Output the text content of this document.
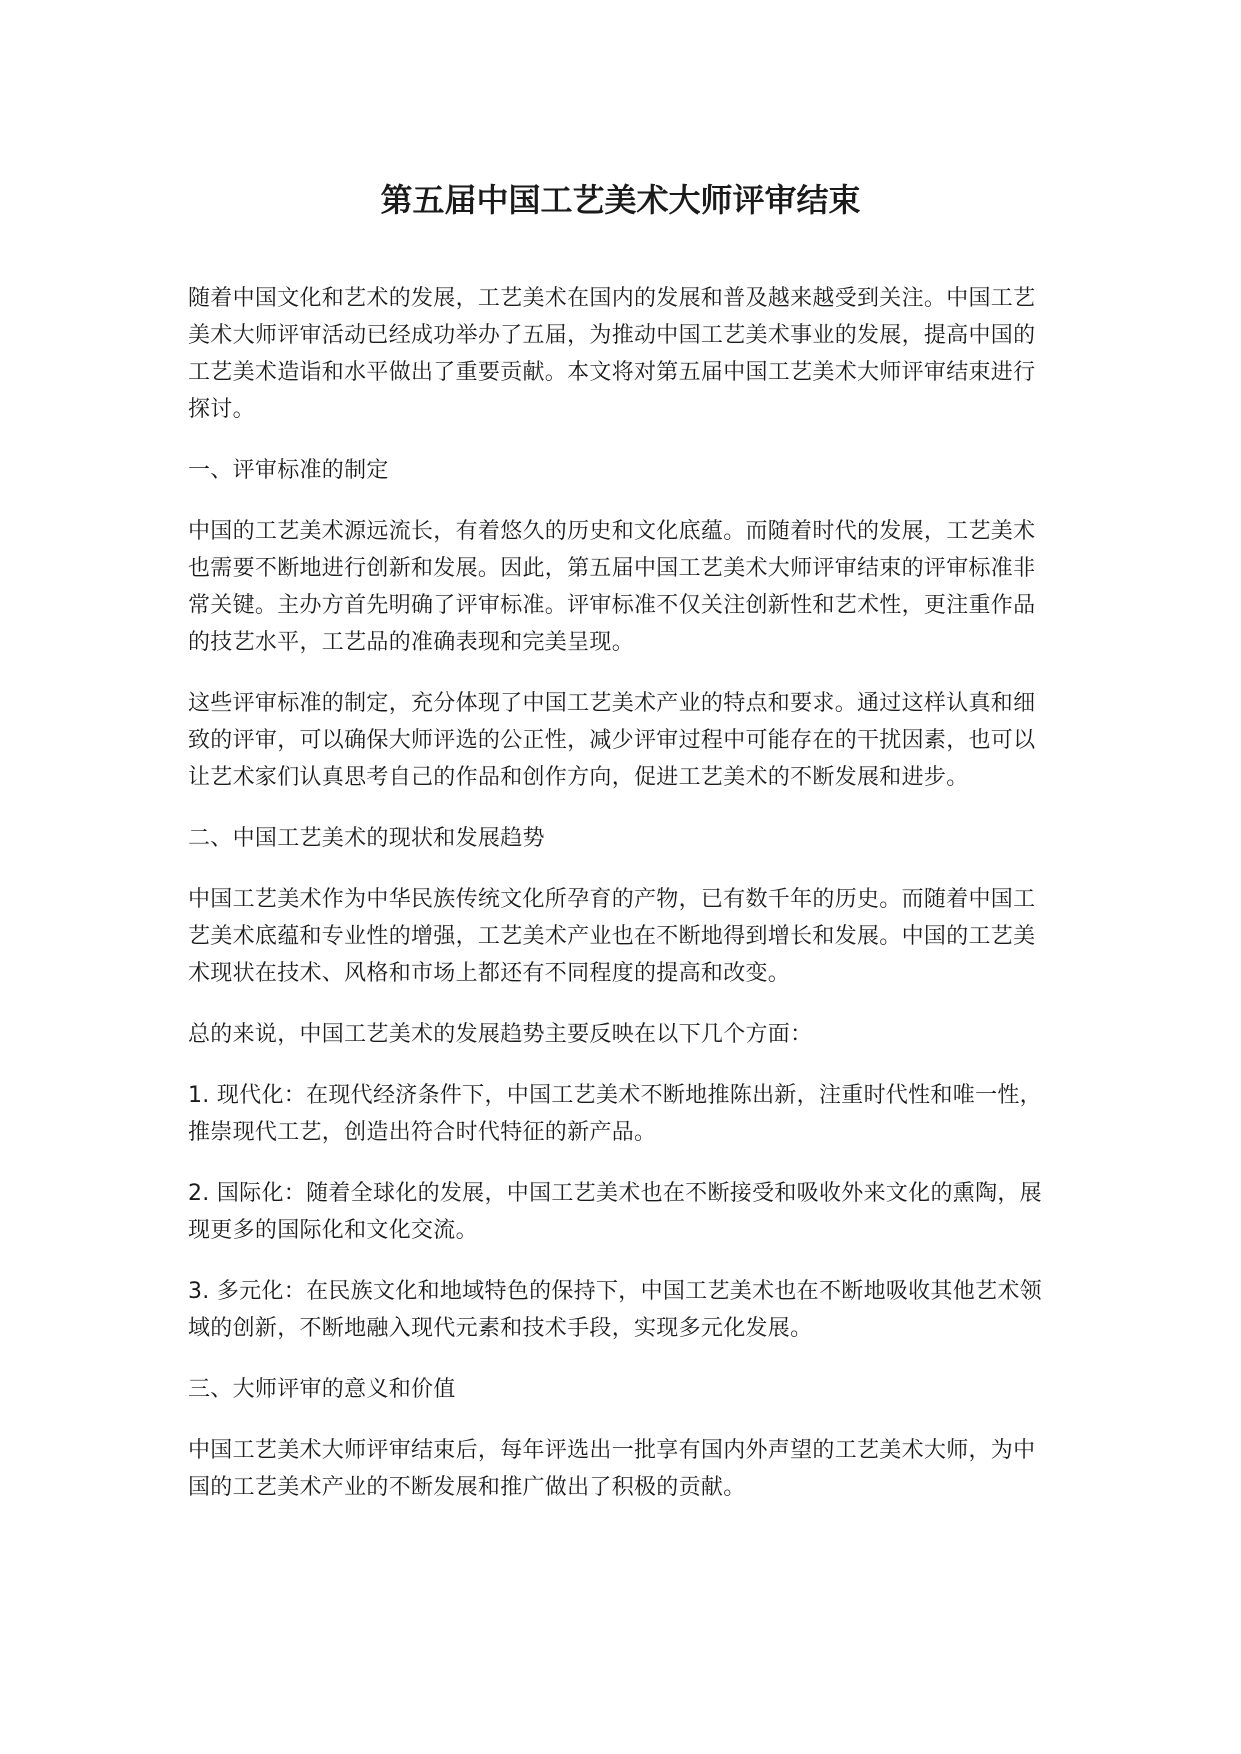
第五届中国工艺美术大师评审结束

随着中国文化和艺术的发展，工艺美术在国内的发展和普及越来越受到关注。中国工艺美术大师评审活动已经成功举办了五届，为推动中国工艺美术事业的发展，提高中国的工艺美术造诣和水平做出了重要贡献。本文将对第五届中国工艺美术大师评审结束进行探讨。

一、评审标准的制定

中国的工艺美术源远流长，有着悠久的历史和文化底蕴。而随着时代的发展，工艺美术也需要不断地进行创新和发展。因此，第五届中国工艺美术大师评审结束的评审标准非常关键。主办方首先明确了评审标准。评审标准不仅关注创新性和艺术性，更注重作品的技艺水平，工艺品的准确表现和完美呈现。

这些评审标准的制定，充分体现了中国工艺美术产业的特点和要求。通过这样认真和细致的评审，可以确保大师评选的公正性，减少评审过程中可能存在的干扰因素，也可以让艺术家们认真思考自己的作品和创作方向，促进工艺美术的不断发展和进步。

二、中国工艺美术的现状和发展趋势

中国工艺美术作为中华民族传统文化所孕育的产物，已有数千年的历史。而随着中国工艺美术底蕴和专业性的增强，工艺美术产业也在不断地得到增长和发展。中国的工艺美术现状在技术、风格和市场上都还有不同程度的提高和改变。

总的来说，中国工艺美术的发展趋势主要反映在以下几个方面：

1. 现代化：在现代经济条件下，中国工艺美术不断地推陈出新，注重时代性和唯一性，推崇现代工艺，创造出符合时代特征的新产品。

2. 国际化：随着全球化的发展，中国工艺美术也在不断接受和吸收外来文化的熏陶，展现更多的国际化和文化交流。

3. 多元化：在民族文化和地域特色的保持下，中国工艺美术也在不断地吸收其他艺术领域的创新，不断地融入现代元素和技术手段，实现多元化发展。

三、大师评审的意义和价值

中国工艺美术大师评审结束后，每年评选出一批享有国内外声望的工艺美术大师，为中国的工艺美术产业的不断发展和推广做出了积极的贡献。
